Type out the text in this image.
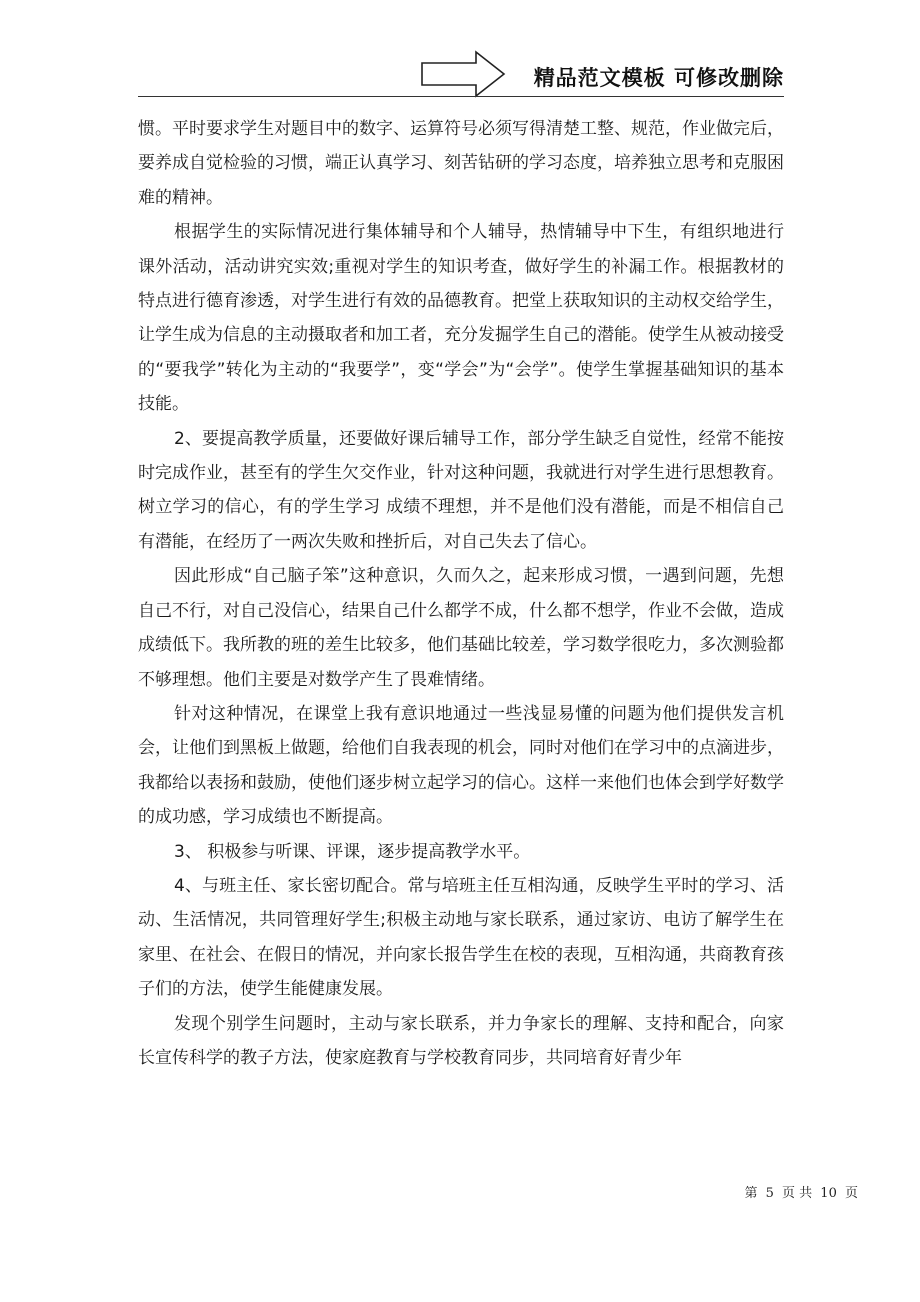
精品范文模板 可修改删除

惯。平时要求学生对题目中的数字、运算符号必须写得清楚工整、规范，作业做完后，要养成自觉检验的习惯，端正认真学习、刻苦钻研的学习态度，培养独立思考和克服困难的精神。

根据学生的实际情况进行集体辅导和个人辅导，热情辅导中下生，有组织地进行课外活动，活动讲究实效;重视对学生的知识考查，做好学生的补漏工作。根据教材的特点进行德育渗透，对学生进行有效的品德教育。把堂上获取知识的主动权交给学生，让学生成为信息的主动摄取者和加工者，充分发掘学生自己的潜能。使学生从被动接受的“要我学”转化为主动的“我要学”，变“学会”为“会学”。使学生掌握基础知识的基本技能。

2、要提高教学质量，还要做好课后辅导工作，部分学生缺乏自觉性，经常不能按时完成作业，甚至有的学生欠交作业，针对这种问题，我就进行对学生进行思想教育。树立学习的信心，有的学生学习 成绩不理想，并不是他们没有潜能，而是不相信自己有潜能，在经历了一两次失败和挫折后，对自己失去了信心。

因此形成“自己脑子笨”这种意识，久而久之，起来形成习惯，一遇到问题，先想自己不行，对自己没信心，结果自己什么都学不成，什么都不想学，作业不会做，造成成绩低下。我所教的班的差生比较多，他们基础比较差，学习数学很吃力，多次测验都不够理想。他们主要是对数学产生了畏难情绪。

针对这种情况，在课堂上我有意识地通过一些浅显易懂的问题为他们提供发言机会，让他们到黑板上做题，给他们自我表现的机会，同时对他们在学习中的点滴进步，我都给以表扬和鼓励，使他们逐步树立起学习的信心。这样一来他们也体会到学好数学的成功感，学习成绩也不断提高。

3、 积极参与听课、评课，逐步提高教学水平。

4、与班主任、家长密切配合。常与培班主任互相沟通，反映学生平时的学习、活动、生活情况，共同管理好学生;积极主动地与家长联系，通过家访、电访了解学生在家里、在社会、在假日的情况，并向家长报告学生在校的表现，互相沟通，共商教育孩子们的方法，使学生能健康发展。

发现个别学生问题时，主动与家长联系，并力争家长的理解、支持和配合，向家长宣传科学的教子方法，使家庭教育与学校教育同步，共同培育好青少年

第 5 页 共 10 页
